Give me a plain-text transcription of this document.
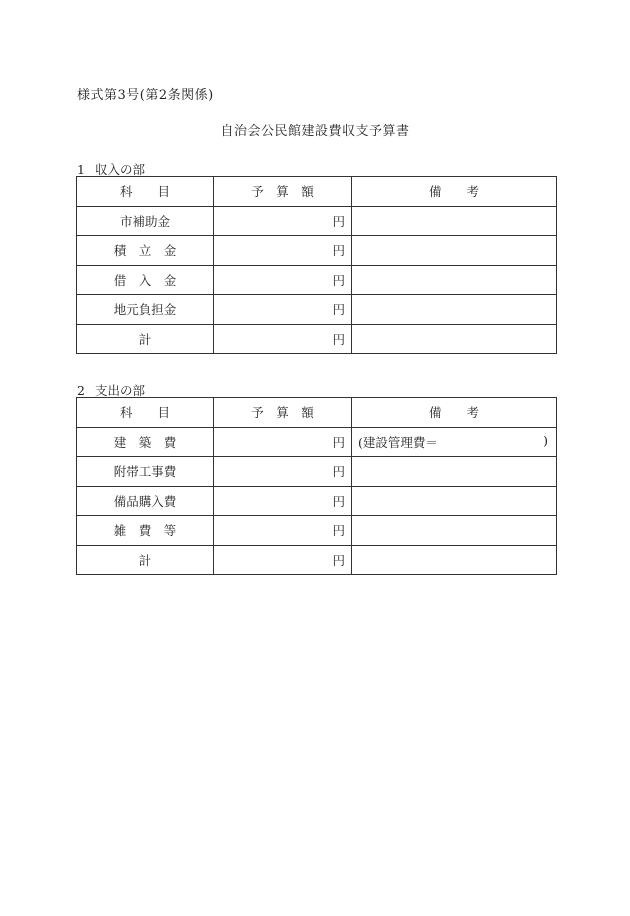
様式第3号(第2条関係)
自治会公民館建設費収支予算書
1 収入の部
科　　目	予　算　額	備　　考
市補助金	円	
積　立　金	円	
借　入　金	円	
地元負担金	円	
計	円	
2 支出の部
科　　目	予　算　額	備　　考
建　築　費	円	(建設管理費＝ )

附帯工事費	円	
備品購入費	円	
雑　費　等	円	
計	円	
